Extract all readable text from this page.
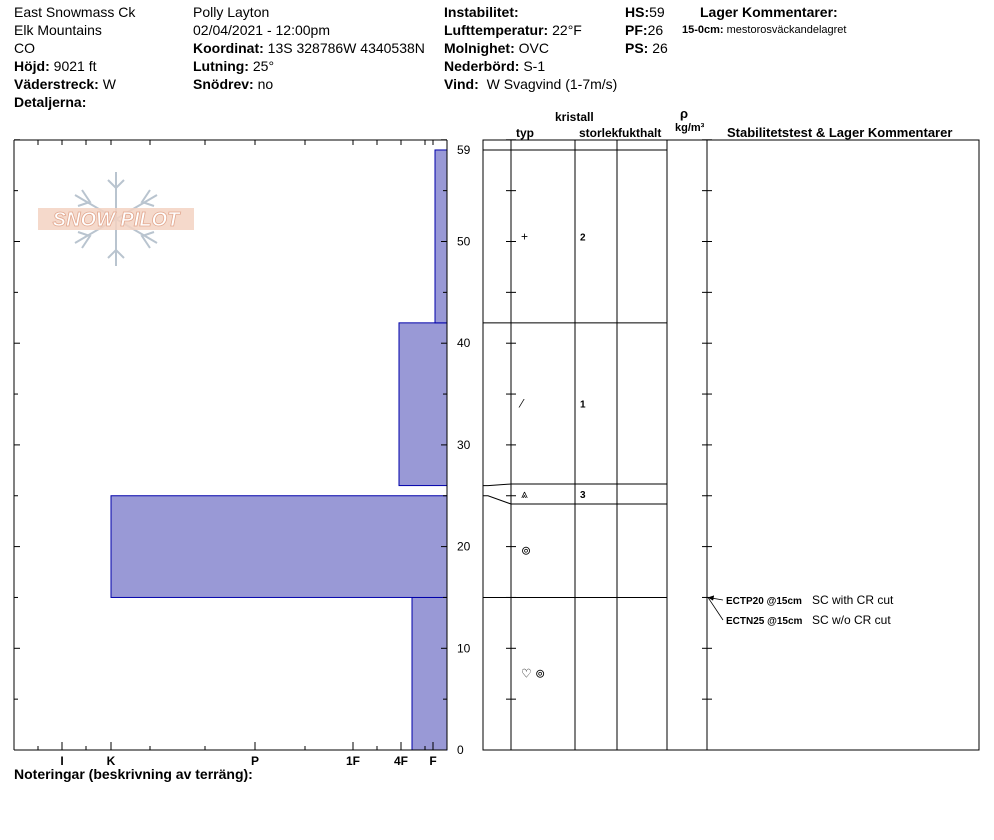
East Snowmass Ck
Elk Mountains
CO
Höjd: 9021 ft
Väderstreck: W
Detaljerna:
Polly Layton
02/04/2021 - 12:00pm
Koordinat: 13S 328786W 4340538N
Lutning: 25°
Snödrev: no
Instabilitet:
Lufttemperatur: 22°F
Molnighet: OVC
Nederbörd: S-1
Vind: W Svagvind (1-7m/s)
HS:59
PF:26
PS: 26
Lager Kommentarer:
15-0cm: mestorosväckandelagret
kristall
typ	storlek fukthalt
ρ
kg/m³ Stabilitetstest & Lager Kommentarer
SNOW PILOT
0
10
20
30
40
50
59
I	K	P	1F	4F F
♡ ⊚
⊚
⩓	3
⁄	1
+	2
ECTP20 @15cm SC with CR cut
ECTN25 @15cm SC w/o CR cut
Noteringar (beskrivning av terräng):
